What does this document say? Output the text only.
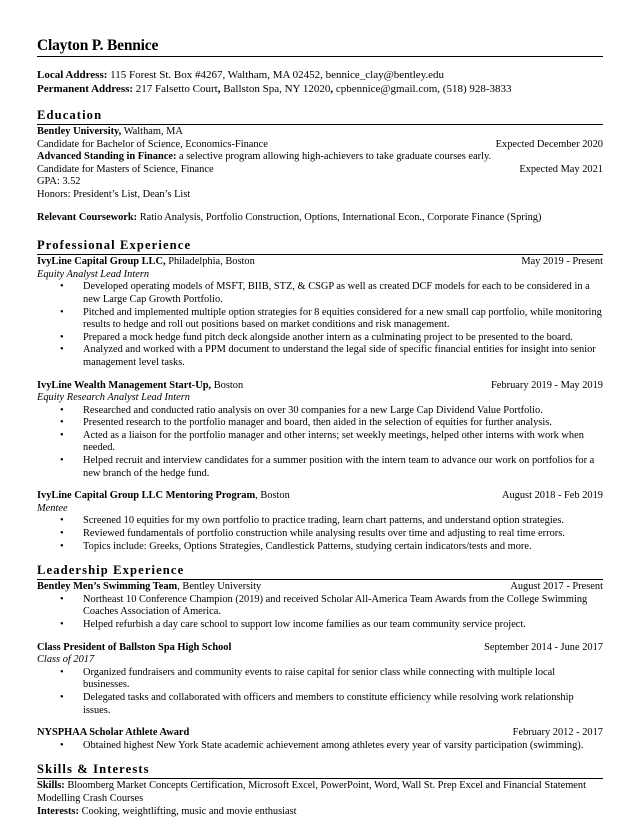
Clayton P. Bennice
Local Address: 115 Forest St. Box #4267, Waltham, MA 02452, bennice_clay@bentley.edu
Permanent Address: 217 Falsetto Court, Ballston Spa, NY 12020, cpbennice@gmail.com, (518) 928-3833
Education
Bentley University, Waltham, MA
Candidate for Bachelor of Science, Economics-Finance	Expected December 2020
Advanced Standing in Finance: a selective program allowing high-achievers to take graduate courses early.
Candidate for Masters of Science, Finance	Expected May 2021
GPA: 3.52
Honors: President’s List, Dean’s List
Relevant Coursework: Ratio Analysis, Portfolio Construction, Options, International Econ., Corporate Finance (Spring)
Professional Experience
IvyLine Capital Group LLC, Philadelphia, Boston	May 2019 - Present
Equity Analyst Lead Intern
• Developed operating models of MSFT, BIIB, STZ, & CSGP as well as created DCF models for each to be considered in a new Large Cap Growth Portfolio.
• Pitched and implemented multiple option strategies for 8 equities considered for a new small cap portfolio, while monitoring results to hedge and roll out positions based on market conditions and risk management.
• Prepared a mock hedge fund pitch deck alongside another intern as a culminating project to be presented to the board.
• Analyzed and worked with a PPM document to understand the legal side of specific financial entities for insight into senior management level tasks.
IvyLine Wealth Management Start-Up, Boston	February 2019 - May 2019
Equity Research Analyst Lead Intern
• Researched and conducted ratio analysis on over 30 companies for a new Large Cap Dividend Value Portfolio.
• Presented research to the portfolio manager and board, then aided in the selection of equities for further analysis.
• Acted as a liaison for the portfolio manager and other interns; set weekly meetings, helped other interns with work when needed.
• Helped recruit and interview candidates for a summer position with the intern team to advance our work on portfolios for a new branch of the hedge fund.
IvyLine Capital Group LLC Mentoring Program, Boston	August 2018 - Feb 2019
Mentee
• Screened 10 equities for my own portfolio to practice trading, learn chart patterns, and understand option strategies.
• Reviewed fundamentals of portfolio construction while analysing results over time and adjusting to real time errors.
• Topics include: Greeks, Options Strategies, Candlestick Patterns, studying certain indicators/tests and more.
Leadership Experience
Bentley Men’s Swimming Team, Bentley University	August 2017 - Present
• Northeast 10 Conference Champion (2019) and received Scholar All-America Team Awards from the College Swimming Coaches Association of America.
• Helped refurbish a day care school to support low income families as our team community service project.
Class President of Ballston Spa High School	September 2014 - June 2017
Class of 2017
• Organized fundraisers and community events to raise capital for senior class while connecting with multiple local businesses.
• Delegated tasks and collaborated with officers and members to constitute efficiency while resolving work relationship issues.
NYSPHAA Scholar Athlete Award	February 2012 - 2017
• Obtained highest New York State academic achievement among athletes every year of varsity participation (swimming).
Skills & Interests
Skills: Bloomberg Market Concepts Certification, Microsoft Excel, PowerPoint, Word, Wall St. Prep Excel and Financial Statement Modelling Crash Courses
Interests: Cooking, weightlifting, music and movie enthusiast
